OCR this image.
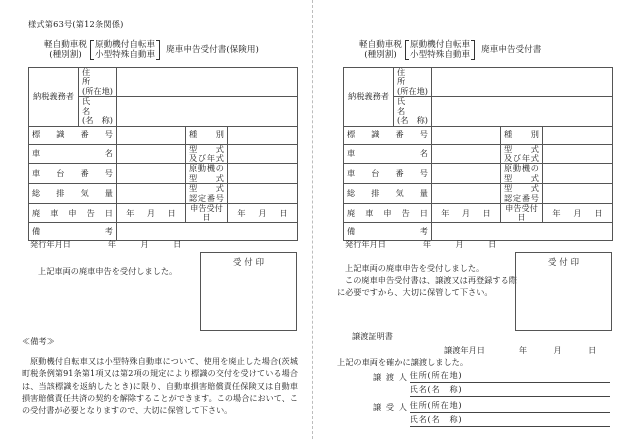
様式第63号(第12条関係)
軽自動車税
(種別割)
原動機付自転車
小型特殊自動車
廃車申告受付書(保険用)
納税義務者	住　　所
(所在地)			

	氏　　名
(名　称)			

標識番号			種　　別	
車　　名			型　　式
及び年式	

車台番号			原動機の
型　　式	

総排気量			型　　式
認定番号	

廃車申告日		年 月 日	申告受付日	年 月 日

備　　考				
発行年月日	年	月	日
上記車両の廃車申告を受付しました。
受付印
≪備考≫
原動機付自転車又は小型特殊自動車について、使用を廃止した場合(茨城町税条例第91条第1項又は第2項の規定により標識の交付を受けている場合は、当該標識を返納したとき)に限り、自動車損害賠償責任保険又は自動車損害賠償責任共済の契約を解除することができます。この場合において、この受付書が必要となりますので、大切に保管して下さい。
軽自動車税
(種別割)
原動機付自転車
小型特殊自動車
廃車申告受付書
納税義務者	住　　所
(所在地)			

	氏　　名
(名　称)			

標識番号			種　　別	
車　　名			型　　式
及び年式	

車台番号			原動機の
型　　式	

総排気量			型　　式
認定番号	

廃車申告日		年 月 日	申告受付日	年 月 日

備　　考				
発行年月日	年	月	日
上記車両の廃車申告を受付しました。
この廃車申告受付書は、譲渡又は再登録する際
に必要ですから、大切に保管して下さい。
受付印
譲渡証明書
譲渡年月日	年	月	日
上記の車両を確かに譲渡しました。
譲渡人 住所(所在地)
氏名(名　称)
譲受人 住所(所在地)
氏名(名　称)
